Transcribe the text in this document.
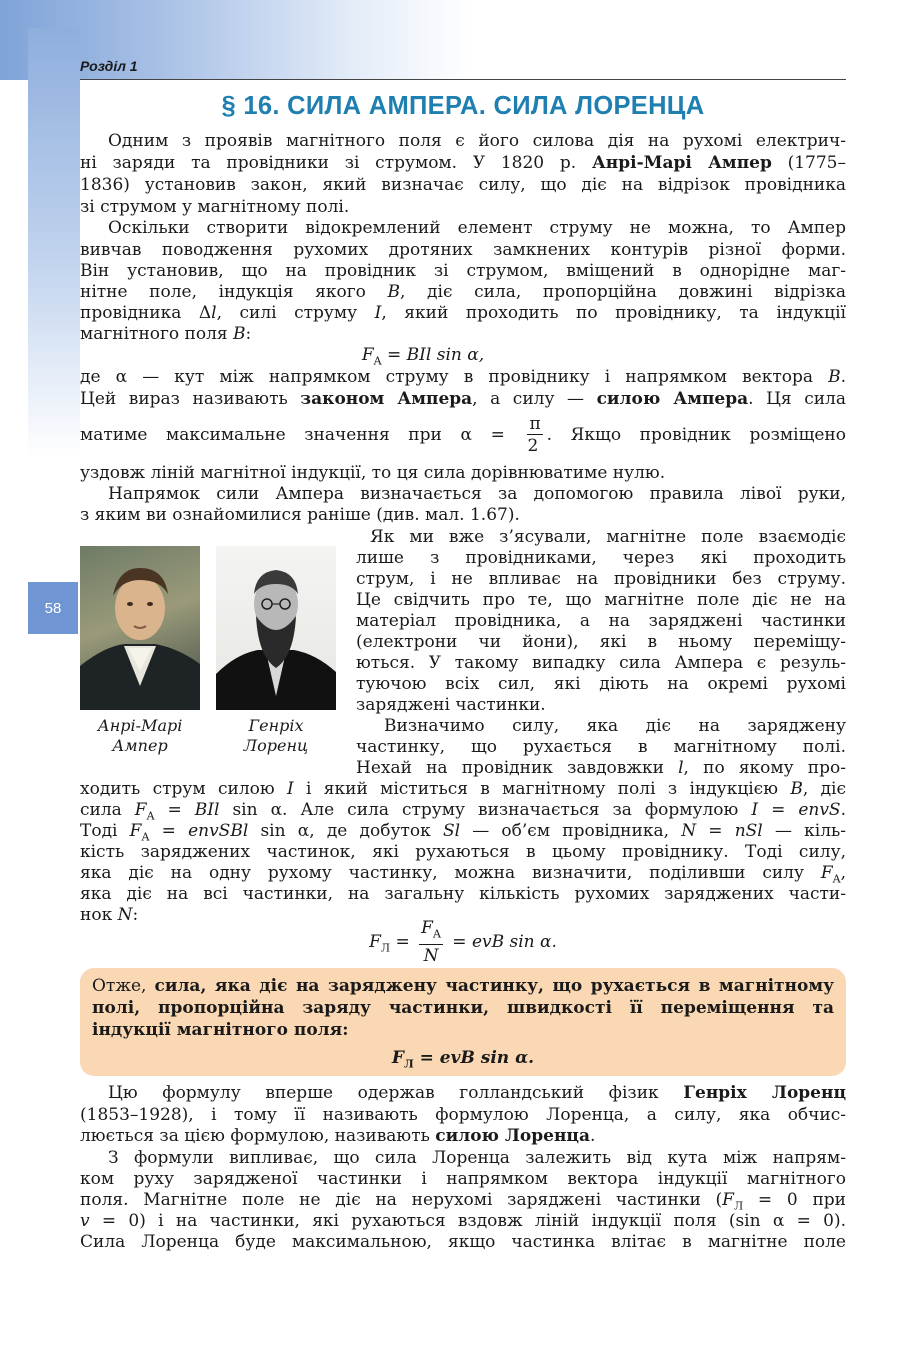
Розділ 1
§ 16. СИЛА АМПЕРА. СИЛА ЛОРЕНЦА
58
Одним з проявів магнітного поля є його силова дія на рухомі електрич-
ні заряди та провідники зі струмом. У 1820 р. Анрі-Марі Ампер (1775–
1836) установив закон, який визначає силу, що діє на відрізок провідника
зі струмом у магнітному полі.
Оскільки створити відокремлений елемент струму не можна, то Ампер
вивчав поводження рухомих дротяних замкнених контурів різної форми.
Він установив, що на провідник зі струмом, вміщений в однорідне маг-
нітне поле, індукція якого B, діє сила, пропорційна довжині відрізка
провідника Δl, силі струму I, який проходить по провіднику, та індукції
магнітного поля B:
$F_A$ = BIl sin α,
де α — кут між напрямком струму в провіднику і напрямком вектора B.
Цей вираз називають законом Ампера, а силу — силою Ампера. Ця сила
матиме максимальне значення при $\alpha = \frac{\pi}{2}$ . Якщо провідник розміщено
уздовж ліній магнітної індукції, то ця сила дорівнюватиме нулю.
Напрямок сили Ампера визначається за допомогою правила лівої руки,
з яким ви ознайомилися раніше (див. мал. 1.67).
Анрі-Марі
Ампер
Генріх
Лоренц
Як ми вже з’ясували, магнітне поле взаємодіє
лише з провідниками, через які проходить
струм, і не впливає на провідники без струму.
Це свідчить про те, що магнітне поле діє не на
матеріал провідника, а на заряджені частинки
(електрони чи йони), які в ньому переміщу-
ються. У такому випадку сила Ампера є резуль-
туючою всіх сил, які діють на окремі рухомі
заряджені частинки.
Визначимо силу, яка діє на заряджену
частинку, що рухається в магнітному полі.
Нехай на провідник завдовжки l, по якому про-
ходить струм силою I і який міститься в магнітному полі з індукцією B, діє
сила $F_A$ = BIl sin α. Але сила струму визначається за формулою I = envS.
Тоді $F_A$ = envSBl sin α, де добуток Sl — об’єм провідника, N = nSl — кіль-
кість заряджених частинок, які рухаються в цьому провіднику. Тоді силу,
яка діє на одну рухому частинку, можна визначити, поділивши силу $F_A$,
яка діє на всі частинки, на загальну кількість рухомих заряджених части-
нок N:
$F_Л = \frac{F_A}{N}$ = evB sin α.
Отже, сила, яка діє на заряджену частинку, що рухається в магнітному
полі, пропорційна заряду частинки, швидкості її переміщення та
індукції магнітного поля:
$F_Л$ = evB sin α.
Цю формулу вперше одержав голландський фізик Генріх Лоренц
(1853–1928), і тому її називають формулою Лоренца, а силу, яка обчис-
люється за цією формулою, називають силою Лоренца.
З формули випливає, що сила Лоренца залежить від кута між напрям-
ком руху зарядженої частинки і напрямком вектора індукції магнітного
поля. Магнітне поле не діє на нерухомі заряджені частинки ($F_Л = 0$ при
v = 0) і на частинки, які рухаються вздовж ліній індукції поля (sin α = 0).
Сила Лоренца буде максимальною, якщо частинка влітає в магнітне поле
